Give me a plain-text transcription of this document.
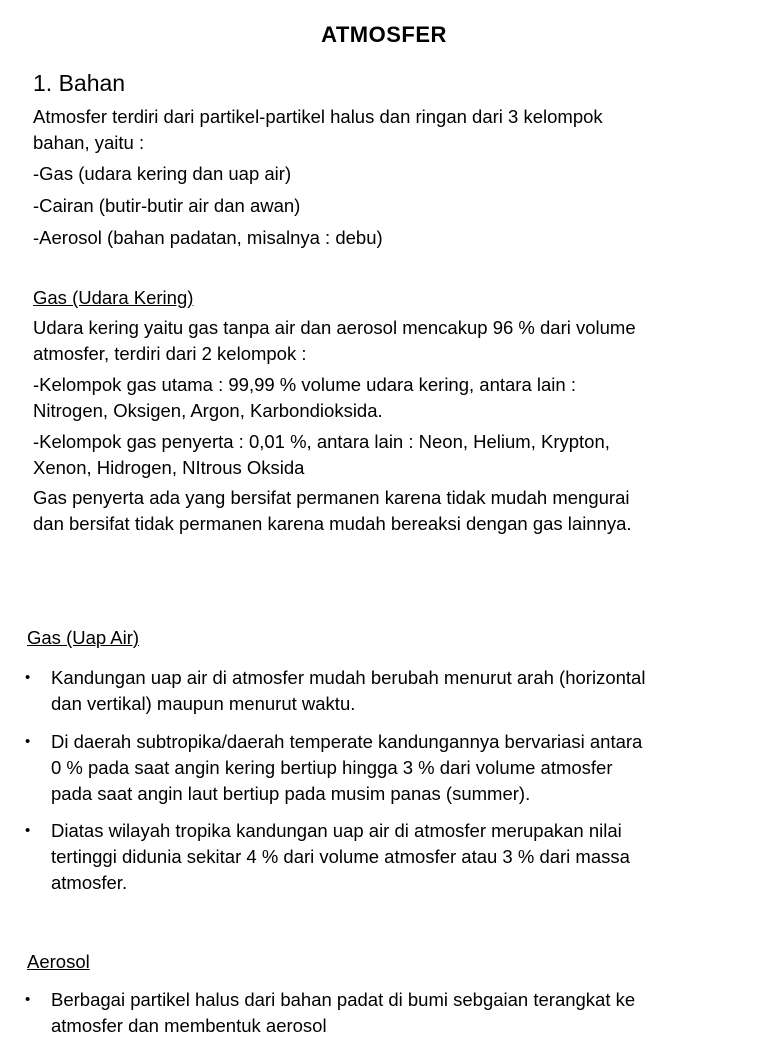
ATMOSFER
1. Bahan
Atmosfer terdiri dari partikel-partikel halus dan ringan dari 3 kelompok
bahan, yaitu :
-Gas (udara kering dan uap air)
-Cairan (butir-butir air dan awan)
-Aerosol (bahan padatan, misalnya : debu)
Gas (Udara Kering)
Udara kering yaitu gas tanpa air dan aerosol mencakup 96 % dari volume
atmosfer, terdiri dari 2 kelompok :
-Kelompok gas utama : 99,99 % volume udara kering, antara lain :
Nitrogen, Oksigen, Argon, Karbondioksida.
-Kelompok gas penyerta : 0,01 %, antara lain : Neon, Helium, Krypton,
Xenon, Hidrogen, NItrous Oksida
Gas penyerta ada yang bersifat permanen karena tidak mudah mengurai
dan bersifat tidak permanen karena mudah bereaksi dengan gas lainnya.
Gas (Uap Air)
• Kandungan uap air di atmosfer mudah berubah menurut arah (horizontal
dan vertikal) maupun menurut waktu.
• Di daerah subtropika/daerah temperate kandungannya bervariasi antara
0 % pada saat angin kering bertiup hingga 3 % dari volume atmosfer
pada saat angin laut bertiup pada musim panas (summer).
• Diatas wilayah tropika kandungan uap air di atmosfer merupakan nilai
tertinggi didunia sekitar 4 % dari volume atmosfer atau 3 % dari massa
atmosfer.
Aerosol
• Berbagai partikel halus dari bahan padat di bumi sebgaian terangkat ke
atmosfer dan membentuk aerosol
